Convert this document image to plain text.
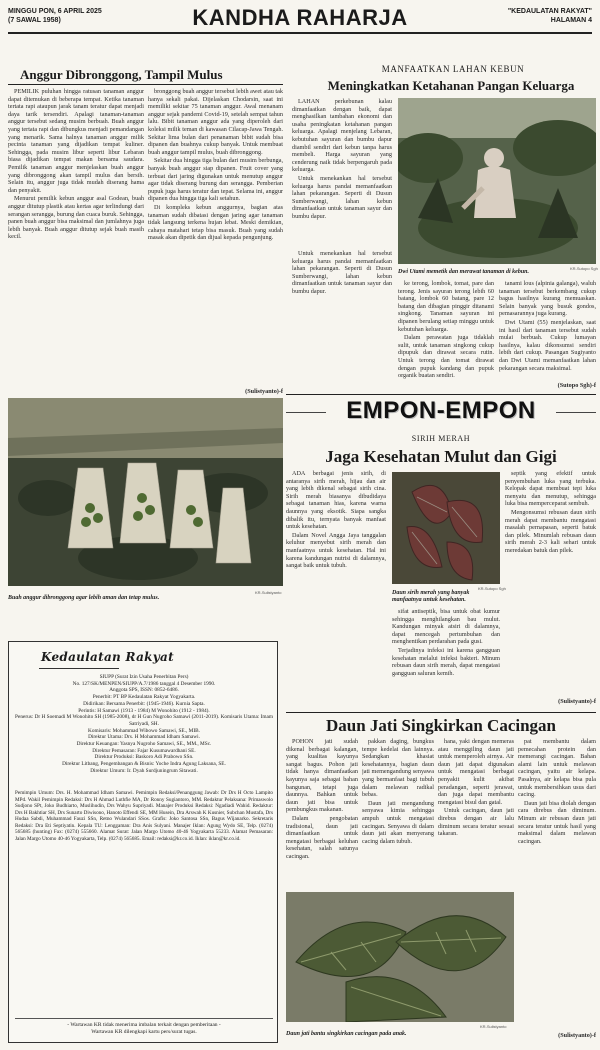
MINGGU PON, 6 APRIL 2025
(7 SAWAL 1958)	KANDHA RAHARJA	"KEDAULATAN RAKYAT"
HALAMAN 4
Anggur Dibronggong, Tampil Mulus

PEMILIK puluhan hingga ratusan tanaman anggur dapat ditemukan di beberapa tempat. Ketika tanaman tertata rapi ataupun jarak tanam teratur dapat menjadi daya tarik tersendiri. Apalagi tanaman-tanaman anggur tersebut sedang musim berbuah. Buah anggur yang tertata rapi dan dibungkus menjadi pemandangan yang menarik. Sama halnya tanaman anggur milik pecinta tanaman yang dijadikan tempat kuliner. Sehingga, pada musim libur seperti libur Lebaran biasa dijadikan tempat makan bersama saudara. Pemilik tanaman anggur menjelaskan buah anggur yang dibronggong akan tampil mulus dan bersih. Selain itu, anggur juga tidak mudah diserang hama dan penyakit.

Menurut pemilik kebun anggur asal Godean, buah anggur ditutup plastik atau kertas agar terlindungi dari serangan serangga, burung dan cuaca buruk. Sehingga, panen buah anggur bisa maksimal dan jumlahnya juga lebih banyak. Buah anggur ditutup sejak buah masih kecil.

bronggong buah anggur tersebut lebih awet atau tak hanya sekali pakai. Dijelaskan Chodarsin, saat ini memiliki sekitar 75 tanaman anggur. Awal menanam anggur sejak pandemi Covid-19, setelah sempat tahun lalu. Bibit tanaman anggur ada yang diperoleh dari koleksi milik teman di kawasan Cilacap-Jawa Tengah. Sekitar lima bulan dari penanaman bibit sudah bisa dipanen dan buahnya cukup banyak. Untuk membuat buah anggur tampil mulus, buah dibronggong.

Sekitar dua hingga tiga bulan dari musim berbunga, banyak buah anggur siap dipanen. Fruit cover yang terbuat dari jaring digunakan untuk menutup anggur agar tidak diserang burung dan serangga. Pemberian pupuk juga harus teratur dan tepat. Selama ini, anggur dipanen dua hingga tiga kali setahun.

Di kompleks kebun anggurnya, bagian atas tanaman sudah dibatasi dengan jaring agar tanaman tidak langsung terkena hujan lebat. Meski demikian, cahaya matahari tetap bisa masuk. Buah yang sudah masak akan dipetik dan dijual kepada pengunjung.

(Sulistyanto)-f
KR-Sulistyanto
Buah anggur dibronggong agar lebih aman dan tetap mulus.
MANFAATKAN LAHAN KEBUN
Meningkatkan Ketahanan Pangan Keluarga

LAHAN perkebunan kalau dimanfaatkan dengan baik, dapat menghasilkan tambahan ekonomi dan usaha peningkatan ketahanan pangan keluarga. Apalagi menjelang Lebaran, kebutuhan sayuran dan bumbu dapur diambil sendiri dari kebun tanpa harus membeli. Harga sayuran yang cenderung naik tidak berpengaruh pada keluarga.

Untuk menekankan hal tersebut keluarga harus pandai memanfaatkan lahan pekarangan. Seperti di Dusun Sumberwangi, lahan kebun dimanfaatkan untuk tanaman sayur dan bumbu dapur.

Untuk menekankan hal tersebut keluarga harus pandai memanfaatkan lahan pekarangan. Seperti di Dusun Sumberwangi, lahan kebun dimanfaatkan untuk tanaman sayur dan bumbu dapur.

Dwi Utami memetik dan merawat tanaman di kebun.
KR-Sutopo Sgh

ke terong, lombok, tomat, pare dan terong. Jenis sayuran terong lebih 60 batang, lombok 60 batang, pare 12 batang dan dibagian pinggir ditanami singkong. Tanaman sayuran ini dipanen berulang setiap minggu untuk kebutuhan keluarga.

Dalam perawatan juga tidaklah sulit, untuk tanaman singkong cukup dipupuk dan dirawat secara rutin. Untuk terong dan tomat dirawat dengan pupuk kandang dan pupuk organik buatan sendiri.

tanami lous (alpinia galanga), waluh tanaman tersebut berkembang cukup bagus hasilnya kurang memuaskan. Selain banyak yang busuk gondos, pemasarannya juga kurang.

Dwi Utami (55) menjelaskan, saat ini hasil dari tanaman tersebut sudah mulai berbuah. Cukup lumayan hasilnya, kalau dikonsumsi sendiri lebih dari cukup. Pasangan Sugiyanto dan Dwi Utami memanfaatkan lahan pekarangan secara maksimal.

(Sutopo Sgh)-f
EMPON-EMPON
SIRIH MERAH
Jaga Kesehatan Mulut dan Gigi

ADA berbagai jenis sirih, di antaranya sirih merah, hijau dan air yang lebih dikenal sebagai sirih cina. Sirih merah biasanya dibudidaya sebagai tanaman hias, karena warna daunnya yang eksotik. Siapa sangka dibalik itu, ternyata banyak manfaat untuk kesehatan.

Dalam Novel Angga Jaya tanggalan keluhur menyebut sirih merah dan manfaatnya untuk kesehatan. Hal ini karena kandungan nutrisi di dalamnya, sangat baik untuk tubuh.

KR-Sutopo Sgh
Daun sirih merah yang banyak manfaatnya untuk kesehatan.

sifat antiseptik, bisa untuk obat kumur sehingga menghilangkan bau mulut. Kandungan minyak atsiri di dalamnya, dapat mencegah pertumbuhan dan menghentikan perdarahan pada gusi.

Terjadinya infeksi ini karena gangguan kesehatan melalui infeksi bakteri. Minum rebusan daun sirih merah, dapat mengatasi gangguan saluran kemih.

septik yang efektif untuk penyembuhan luka yang terbuka. Kelopak dapat membuat tepi luka menyatu dan menutup, sehingga luka bisa memperceparat sembuh.

Mengonsumsi rebusan daun sirih merah dapat membantu mengatasi masalah pernapasan, seperti batuk dan pilek. Minumlah rebusan daun sirih merah 2-3 kali sehari untuk meredakan batuk dan pilek.

(Sulistyanto)-f
Kedaulatan Rakyat
SIUPP (Surat Izin Usaha Penerbitan Pers)
No. 127/SK/MENPEN/SIUPP/A.7/1986 tanggal 4 Desember 1990.
Anggota SPS, ISSN: 0852-6486.
Penerbit: PT BP Kedaulatan Rakyat Yogyakarta.
Didirikan: Bersama Penerbit: (1945-1946). Kurnia Sapta.
Perintis: H Samawi (1913 - 1984) M Wonohito (1912 - 1984).
Penerus: Dr H Soemadi M Wonohito SH (1985-2008), dr H Gun Nugroho Samawi (2011-2019). Komisaris Utama: Imam Satriyadi, SH.
Komisaris: Mohammad Wibowo Samawi, SE., MIB.
Direktur Utama: Drs. H Mohammad Idham Samawi.
Direktur Keuangan: Yasnya Nugroho Samawi, SE., MM., MSc.
Direktur Pemasaran: Fajar Kusumawardhani SE.
Direktur Produksi: Baskoro Adi Prabowo SSn.
Direktur Litbang, Pengembangan & Bisnis: Yoche Indra Agung Laksana, SE.
Direktur Umum: Ir. Dyah Surdjuningrum Sitawati.
Pemimpin Umum: Drs. H. Mohammad Idham Samawi. Pemimpin Redaksi/Penanggung Jawab: Dr Drs H Octo Lampito MPd. Wakil Pemimpin Redaksi: Drs H Ahmad Luthfie MA, Dr Ronny Sugiantoro, MM. Redaktur Pelaksana: Primaswolo Sudjono SPt, Joko Budhiarto, Muslihudin, Drs Wahyu Supriyadi. Manajer Produksi Redaksi: Ngadiadi Wahid. Redaktur: Drs H Bakhtiar SH, Drs Sunarto Diwisono, Hanoto Effendi SE, MM Husein, Dra Arswah K Kusnier, Subchan Mustafa, Drs Hudaa Sabdi, Muhammad Fauzi SSn, Retno Wulandari SSos. Grafis: Joko Santosa SSn, Bagus Wijanarko. Sekretaris Redaksi: Dra Eti Septiyatin. Kepala TU: Lenggaman: Dra Anis Sulyani. Manajer Iklan: Agung Wydo SE, Telp. (0274) 565685 (hunting) Fax: (0274) 555660. Alamat Surat: Jalan Margo Utomo 40-46 Yogyakarta 55233. Alamat Pemasaran: Jalan Margo Utomo 40-46 Yogyakarta, Telp. (0274) 565685. Email: redaksi@kr.co.id. Iklan: iklan@kr.co.id.
- Wartawan KR tidak menerima imbalan terkait dengan pemberitaan -
Wartawan KR dilengkapi kartu pers/surat tugas.
Daun Jati Singkirkan Cacingan

POHON jati sudah dikenal berbagai kalangan, yang kualitas kayunya sangat bagus. Pohon jati tidak hanya dimanfaatkan kayunya saja sebagai bahan bangunan, tetapi juga daunnya. Bahkan untuk daun jati bisa untuk pembungkus makanan.

Dalam pengobatan tradisional, daun jati dimanfaatkan untuk mengatasi berbagai keluhan kesehatan, salah satunya cacingan.

pakkan daging, bungkus tempe kedelai dan lainnya. Sedangkan khasiat kesehatannya, bagian daun jati memengandung senyawa yang bermanfaat bagi tubuh dalam melawan radikal bebas.

Daun jati mengandung senyawa kimia sehingga ampuh untuk mengatasi cacingan. Senyawa di dalam daun jati akan menyerang cacing dalam tubuh.

hana, yaki dengan memeras atau menggiling daun jati untuk memperoleh airnya. Air daun jati dapat digunakan untuk mengatasi berbagai penyakit kulit akibat peradangan, seperti jerawat, dan juga dapat membantu mengatasi bisul dan gatal.

Untuk cacingan, daun jati direbus dengan air lalu diminum secara teratur sesuai takaran.

pat membantu dalam pemecahan protein dan memerangi cacingan. Bahan alami lain untuk melawan cacingan, yaitu air kelapa. Pasalnya, air kelapa bisa pula untuk membersihkan usus dari cacing.

Daun jati bisa diolah dengan cara direbus dan diminum. Minum air rebusan daun jati secara teratur untuk hasil yang maksimal dalam melawan cacingan.

(Sulistyanto)-f
KR-Sulistyanto
Daun jati bantu singkirkan cacingan pada anak.
